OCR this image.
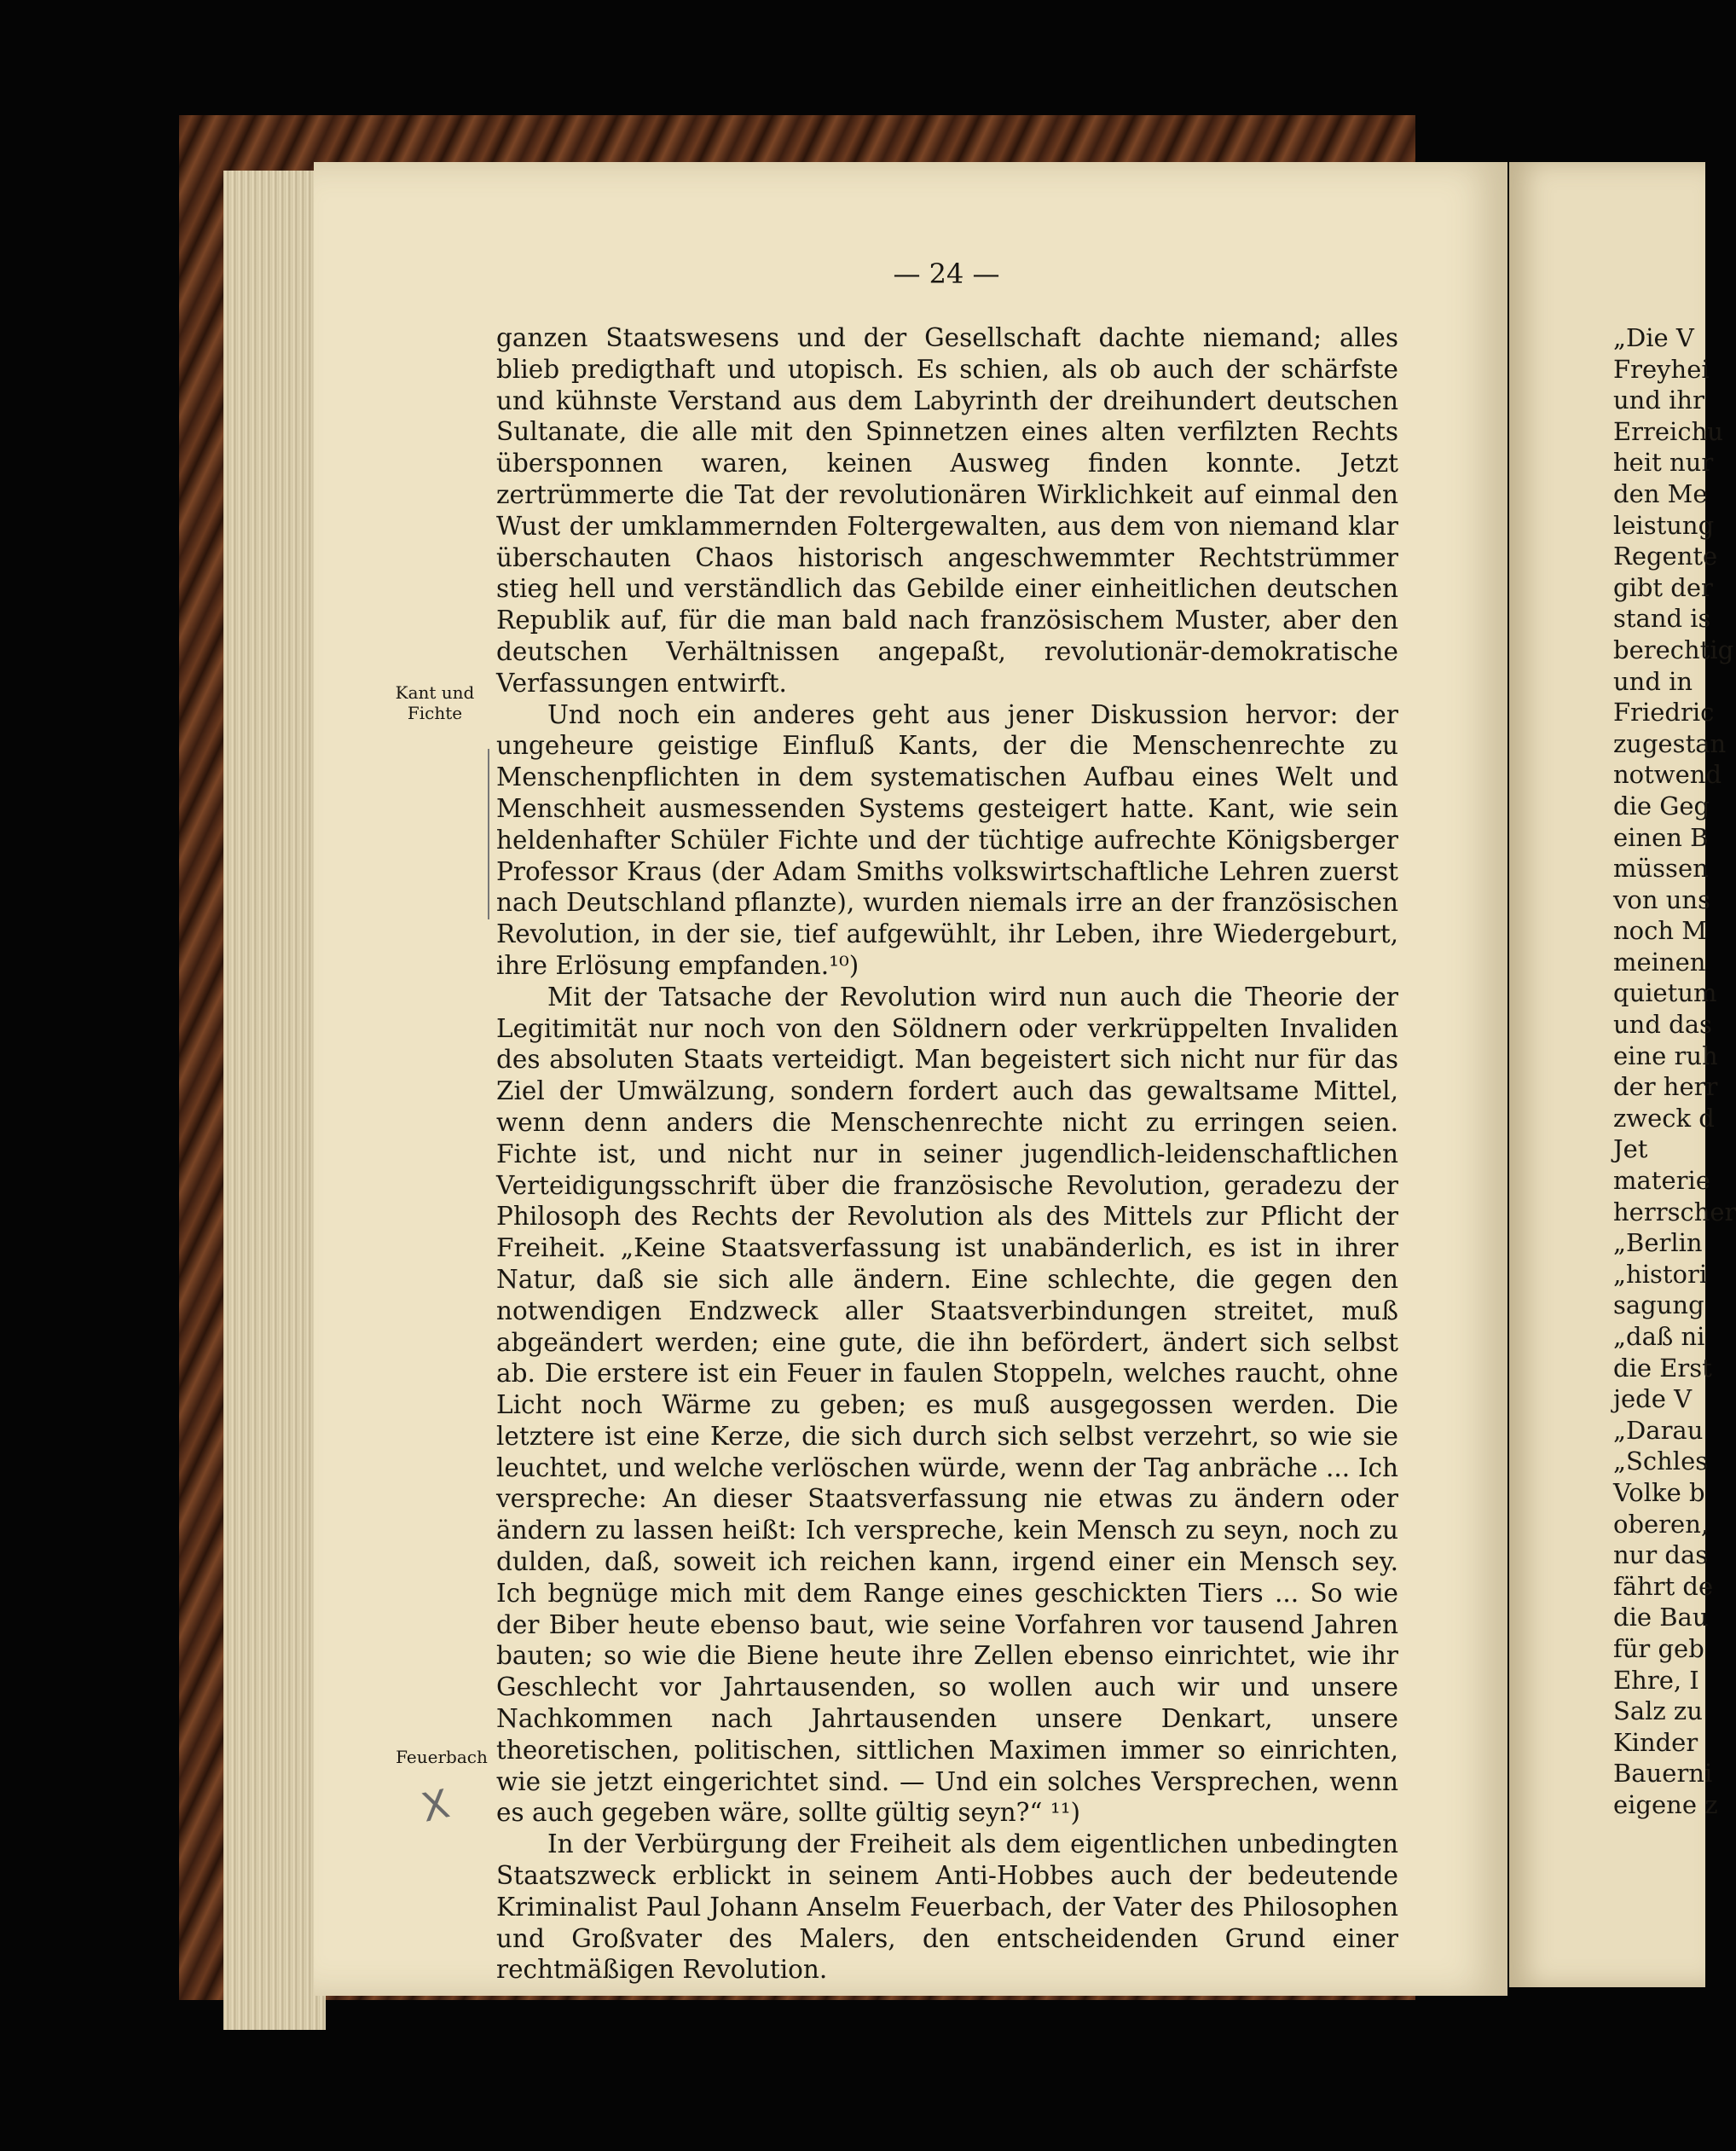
— 24 —
Kant und Fichte
Feuerbach
X

ganzen Staatswesens und der Gesellschaft dachte niemand; alles blieb predigthaft und utopisch. Es schien, als ob auch der schärfste und kühnste Verstand aus dem Labyrinth der dreihundert deutschen Sultanate, die alle mit den Spinnetzen eines alten verfilzten Rechts übersponnen waren, keinen Ausweg finden konnte. Jetzt zertrümmerte die Tat der revolutionären Wirklichkeit auf einmal den Wust der umklammernden Foltergewalten, aus dem von niemand klar überschauten Chaos historisch angeschwemmter Rechtstrümmer stieg hell und verständlich das Gebilde einer einheitlichen deutschen Republik auf, für die man bald nach französischem Muster, aber den deutschen Verhältnissen angepaßt, revolutionär-demokratische Verfassungen entwirft.

Und noch ein anderes geht aus jener Diskussion hervor: der ungeheure geistige Einfluß Kants, der die Menschenrechte zu Menschenpflichten in dem systematischen Aufbau eines Welt und Menschheit ausmessenden Systems gesteigert hatte. Kant, wie sein heldenhafter Schüler Fichte und der tüchtige aufrechte Königsberger Professor Kraus (der Adam Smiths volkswirtschaftliche Lehren zuerst nach Deutschland pflanzte), wurden niemals irre an der französischen Revolution, in der sie, tief aufgewühlt, ihr Leben, ihre Wiedergeburt, ihre Erlösung empfanden.¹⁰)

Mit der Tatsache der Revolution wird nun auch die Theorie der Legitimität nur noch von den Söldnern oder verkrüppelten Invaliden des absoluten Staats verteidigt. Man begeistert sich nicht nur für das Ziel der Umwälzung, sondern fordert auch das gewaltsame Mittel, wenn denn anders die Menschenrechte nicht zu erringen seien. Fichte ist, und nicht nur in seiner jugendlich-leidenschaftlichen Verteidigungsschrift über die französische Revolution, geradezu der Philosoph des Rechts der Revolution als des Mittels zur Pflicht der Freiheit. „Keine Staatsverfassung ist unabänderlich, es ist in ihrer Natur, daß sie sich alle ändern. Eine schlechte, die gegen den notwendigen Endzweck aller Staatsverbindungen streitet, muß abgeändert werden; eine gute, die ihn befördert, ändert sich selbst ab. Die erstere ist ein Feuer in faulen Stoppeln, welches raucht, ohne Licht noch Wärme zu geben; es muß ausgegossen werden. Die letztere ist eine Kerze, die sich durch sich selbst verzehrt, so wie sie leuchtet, und welche verlöschen würde, wenn der Tag anbräche ... Ich verspreche: An dieser Staatsverfassung nie etwas zu ändern oder ändern zu lassen heißt: Ich verspreche, kein Mensch zu seyn, noch zu dulden, daß, soweit ich reichen kann, irgend einer ein Mensch sey. Ich begnüge mich mit dem Range eines geschickten Tiers ... So wie der Biber heute ebenso baut, wie seine Vorfahren vor tausend Jahren bauten; so wie die Biene heute ihre Zellen ebenso einrichtet, wie ihr Geschlecht vor Jahrtausenden, so wollen auch wir und unsere Nachkommen nach Jahrtausenden unsere Denkart, unsere theoretischen, politischen, sittlichen Maximen immer so einrichten, wie sie jetzt eingerichtet sind. — Und ein solches Versprechen, wenn es auch gegeben wäre, sollte gültig seyn?“ ¹¹)

In der Verbürgung der Freiheit als dem eigentlichen unbedingten Staatszweck erblickt in seinem Anti-Hobbes auch der bedeutende Kriminalist Paul Johann Anselm Feuerbach, der Vater des Philosophen und Großvater des Malers, den entscheidenden Grund einer rechtmäßigen Revolution.

„Die V
Freyhei
und ihr
Erreichu
heit nur
den Me
leistung
Regente
gibt der
stand is
berechtig
und in
Friedric
zugestan
notwend
die Geg
einen B
müssen
von uns
noch M
meinen
quietum
und das
eine ruh
der herr
zweck d
Jet
materie
herrscher
„Berlin
„histori
sagung
„daß ni
die Erst
jede V
„Darau
„Schles
Volke b
oberen,
nur das
fährt de
die Bau
für geb
Ehre, I
Salz zu
Kinder
Bauerni
eigene z
